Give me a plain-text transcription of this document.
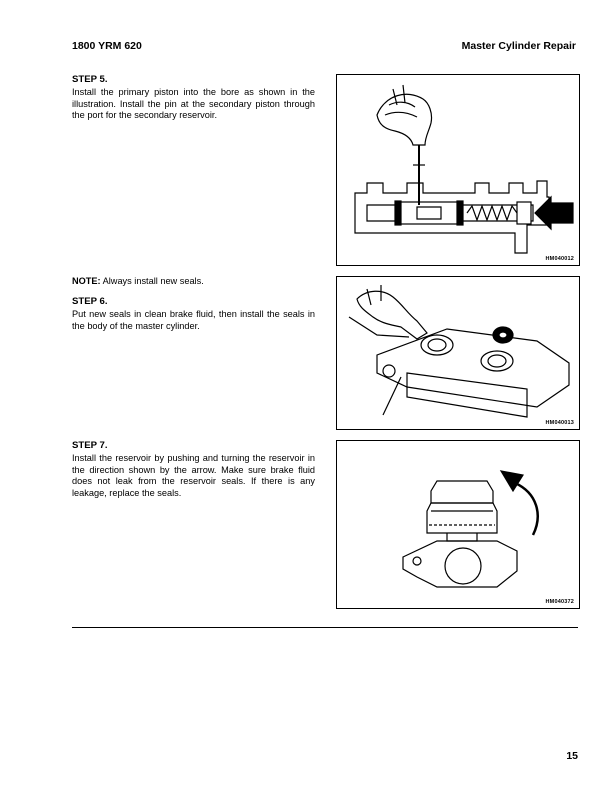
1800 YRM 620	Master Cylinder Repair
STEP 5.

Install the primary piston into the bore as shown in the illustration. Install the pin at the secondary piston through the port for the secondary reservoir.

HM040012
NOTE: Always install new seals.
STEP 6.

Put new seals in clean brake fluid, then install the seals in the body of the master cylinder.

HM040013
STEP 7.

Install the reservoir by pushing and turning the reservoir in the direction shown by the arrow. Make sure brake fluid does not leak from the reservoir seals. If there is any leakage, replace the seals.

HM040372
15
